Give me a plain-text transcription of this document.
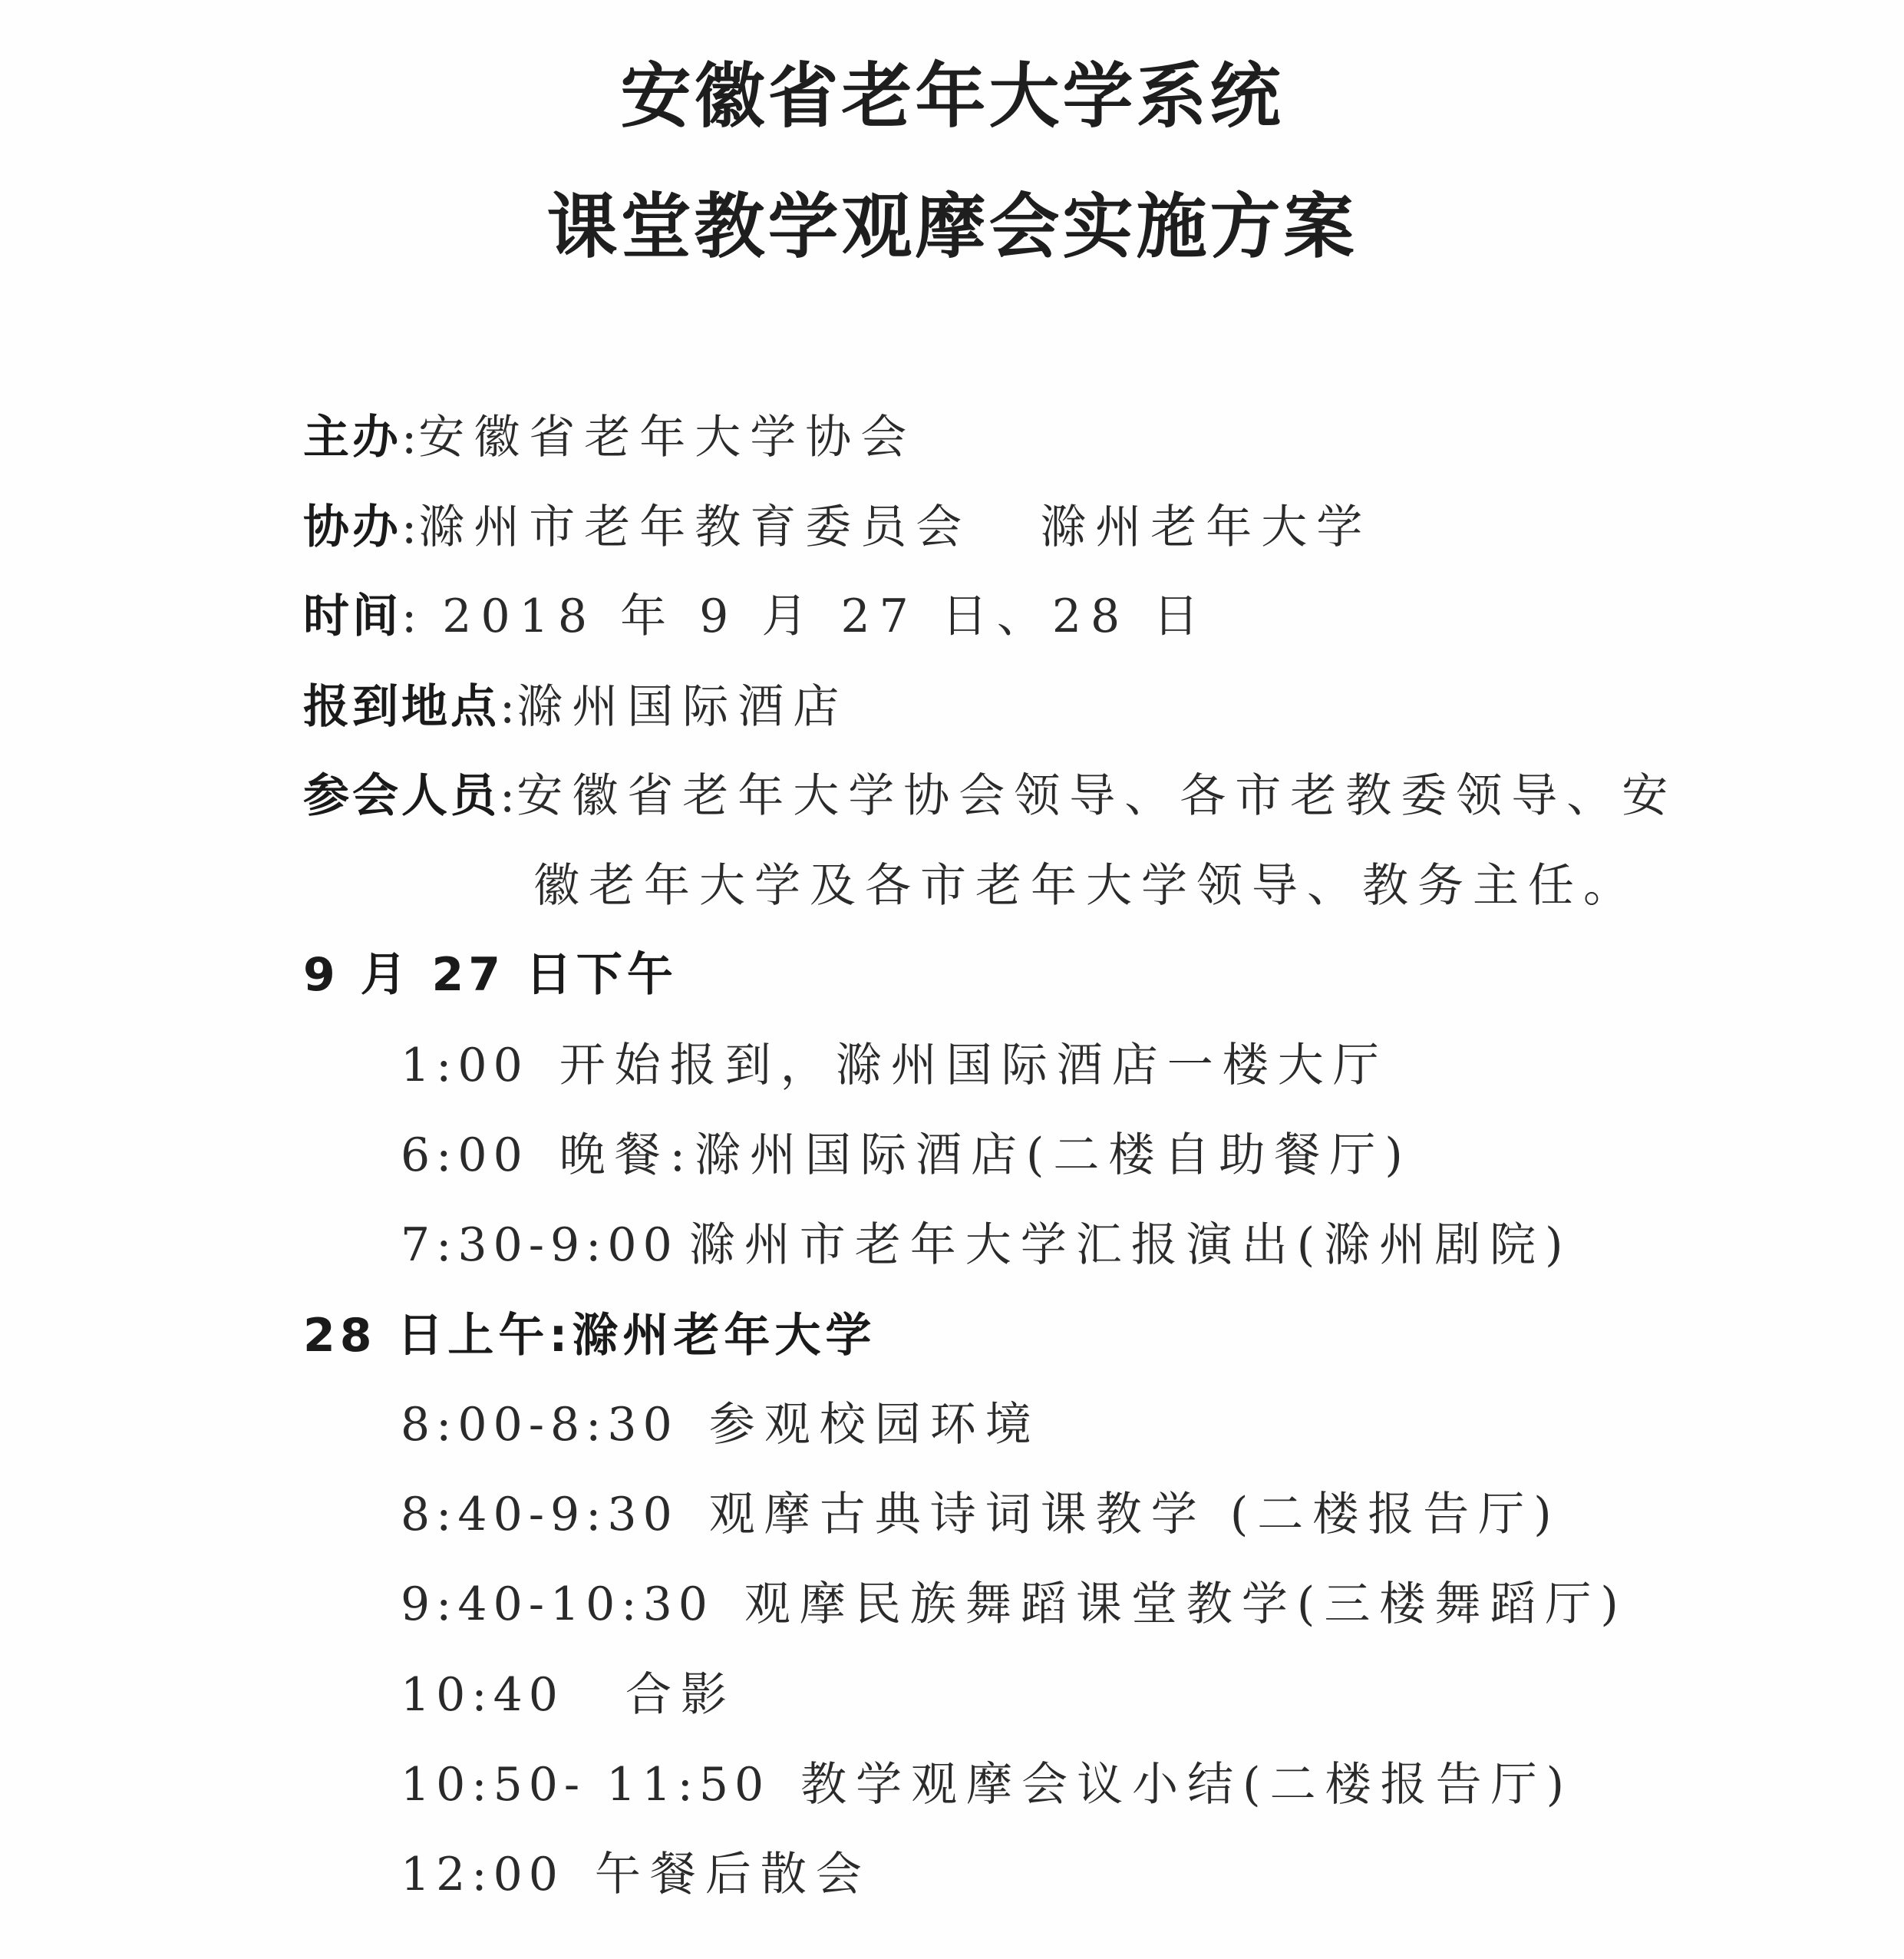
安徽省老年大学系统
课堂教学观摩会实施方案
主办:安徽省老年大学协会
协办:滁州市老年教育委员会 滁州老年大学
时间: 2018 年 9 月 27 日、28 日
报到地点:滁州国际酒店
参会人员:安徽省老年大学协会领导、各市老教委领导、安
徽老年大学及各市老年大学领导、教务主任。
9 月 27 日下午
1:00 开始报到，滁州国际酒店一楼大厅
6:00 晚餐:滁州国际酒店(二楼自助餐厅)
7:30-9:00 滁州市老年大学汇报演出(滁州剧院)
28 日上午:滁州老年大学
8:00-8:30 参观校园环境
8:40-9:30 观摩古典诗词课教学 (二楼报告厅)
9:40-10:30 观摩民族舞蹈课堂教学(三楼舞蹈厅)
10:40 合影
10:50- 11:50 教学观摩会议小结(二楼报告厅)
12:00 午餐后散会
